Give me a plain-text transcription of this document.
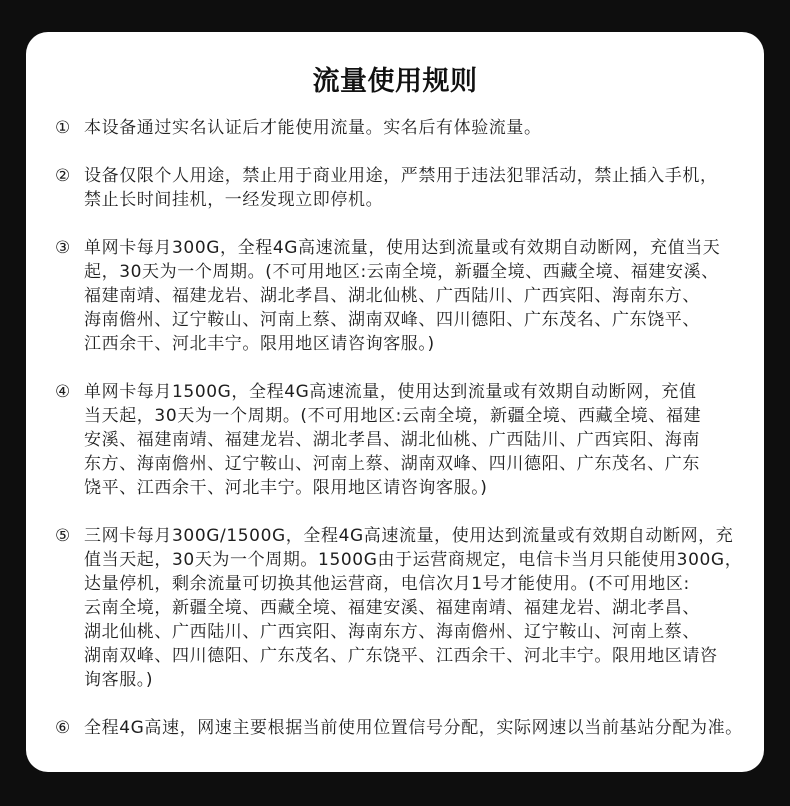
流量使用规则
① 本设备通过实名认证后才能使用流量。实名后有体验流量。
② 设备仅限个人用途，禁止用于商业用途，严禁用于违法犯罪活动，禁止插入手机，
禁止长时间挂机，一经发现立即停机。
③ 单网卡每月300G，全程4G高速流量，使用达到流量或有效期自动断网，充值当天
起，30天为一个周期。(不可用地区:云南全境，新疆全境、西藏全境、福建安溪、
福建南靖、福建龙岩、湖北孝昌、湖北仙桃、广西陆川、广西宾阳、海南东方、
海南儋州、辽宁鞍山、河南上蔡、湖南双峰、四川德阳、广东茂名、广东饶平、
江西余干、河北丰宁。限用地区请咨询客服。)
④ 单网卡每月1500G，全程4G高速流量，使用达到流量或有效期自动断网，充值
当天起，30天为一个周期。(不可用地区:云南全境，新疆全境、西藏全境、福建
安溪、福建南靖、福建龙岩、湖北孝昌、湖北仙桃、广西陆川、广西宾阳、海南
东方、海南儋州、辽宁鞍山、河南上蔡、湖南双峰、四川德阳、广东茂名、广东
饶平、江西余干、河北丰宁。限用地区请咨询客服。)
⑤ 三网卡每月300G/1500G，全程4G高速流量，使用达到流量或有效期自动断网，充
值当天起，30天为一个周期。1500G由于运营商规定，电信卡当月只能使用300G，
达量停机，剩余流量可切换其他运营商，电信次月1号才能使用。(不可用地区:
云南全境，新疆全境、西藏全境、福建安溪、福建南靖、福建龙岩、湖北孝昌、
湖北仙桃、广西陆川、广西宾阳、海南东方、海南儋州、辽宁鞍山、河南上蔡、
湖南双峰、四川德阳、广东茂名、广东饶平、江西余干、河北丰宁。限用地区请咨
询客服。)
⑥ 全程4G高速，网速主要根据当前使用位置信号分配，实际网速以当前基站分配为准。
